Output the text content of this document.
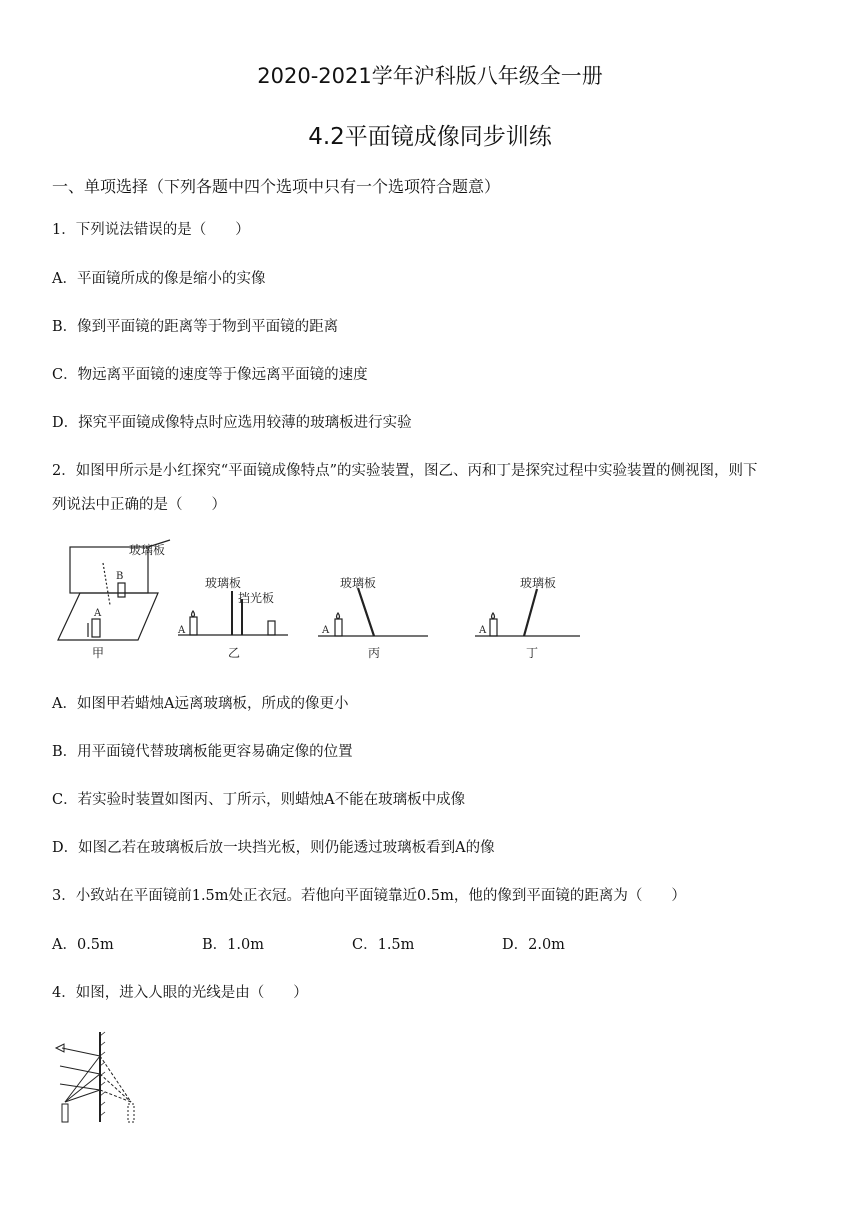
2020-2021学年沪科版八年级全一册
4.2平面镜成像同步训练
一、单项选择（下列各题中四个选项中只有一个选项符合题意）
1．下列说法错误的是（　　）
A．平面镜所成的像是缩小的实像
B．像到平面镜的距离等于物到平面镜的距离
C．物远离平面镜的速度等于像远离平面镜的速度
D．探究平面镜成像特点时应选用较薄的玻璃板进行实验
2．如图甲所示是小红探究“平面镜成像特点”的实验装置，图乙、丙和丁是探究过程中实验装置的侧视图，则下
列说法中正确的是（　　）
玻璃板
A
B
甲
玻璃板
挡光板
A
乙
玻璃板
A
丙
玻璃板
A
丁
A．如图甲若蜡烛A远离玻璃板，所成的像更小
B．用平面镜代替玻璃板能更容易确定像的位置
C．若实验时装置如图丙、丁所示，则蜡烛A不能在玻璃板中成像
D．如图乙若在玻璃板后放一块挡光板，则仍能透过玻璃板看到A的像
3．小致站在平面镜前1.5m处正衣冠。若他向平面镜靠近0.5m，他的像到平面镜的距离为（　　）
A．0.5m	B．1.0m	C．1.5m	D．2.0m
4．如图，进入人眼的光线是由（　　）
